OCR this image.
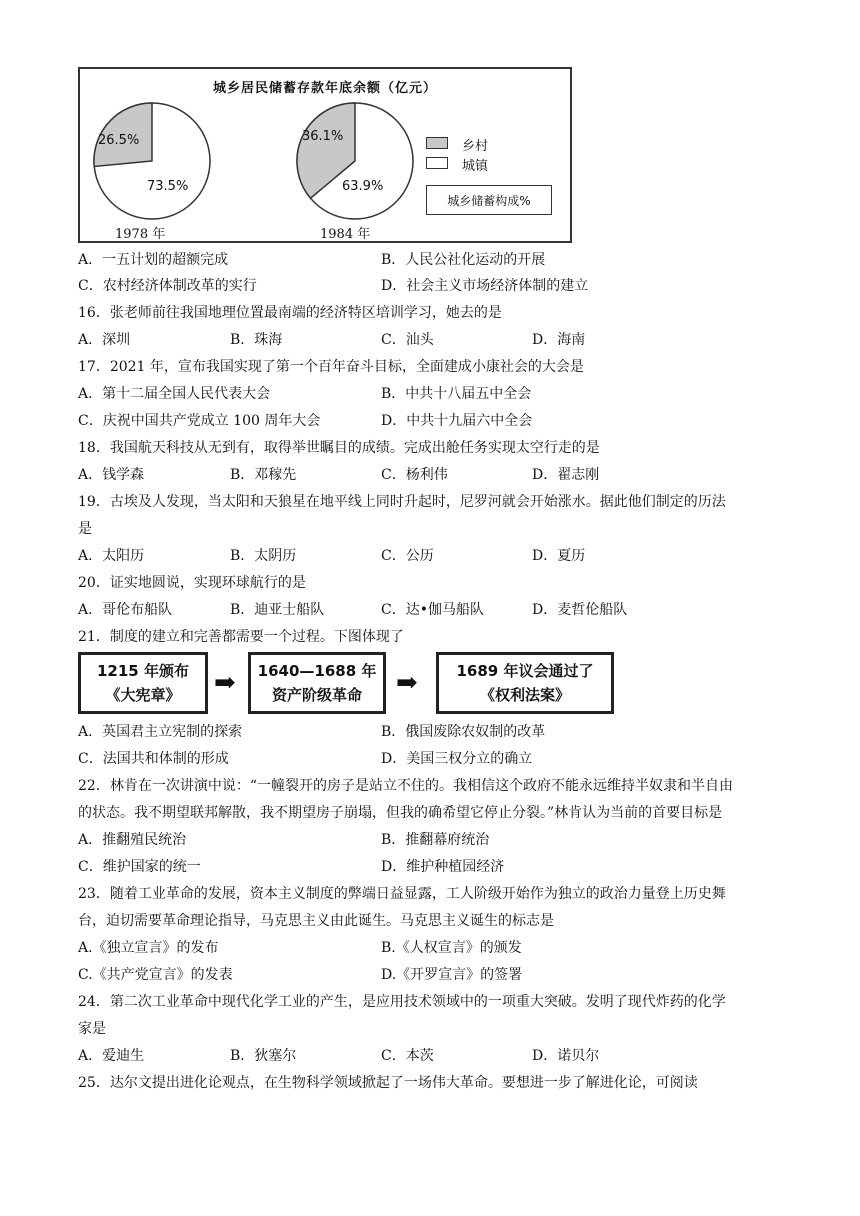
城乡居民储蓄存款年底余额（亿元）
73.5%
26.5%
63.9%
36.1%
1978 年	1984 年
乡村
城镇
城乡储蓄构成%
A．一五计划的超额完成	B．人民公社化运动的开展
C．农村经济体制改革的实行	D．社会主义市场经济体制的建立
16．张老师前往我国地理位置最南端的经济特区培训学习，她去的是
A．深圳	B．珠海	C．汕头	D．海南
17．2021 年，宣布我国实现了第一个百年奋斗目标，全面建成小康社会的大会是
A．第十二届全国人民代表大会	B．中共十八届五中全会
C．庆祝中国共产党成立 100 周年大会	D．中共十九届六中全会
18．我国航天科技从无到有，取得举世瞩目的成绩。完成出舱任务实现太空行走的是
A．钱学森	B．邓稼先	C．杨利伟	D．翟志刚
19．古埃及人发现，当太阳和天狼星在地平线上同时升起时，尼罗河就会开始涨水。据此他们制定的历法
是
A．太阳历	B．太阴历	C．公历	D．夏历
20．证实地圆说，实现环球航行的是
A．哥伦布船队	B．迪亚士船队	C．达•伽马船队	D．麦哲伦船队
21．制度的建立和完善都需要一个过程。下图体现了
1215 年颁布
《大宪章》	➡	1640—1688 年
资产阶级革命	➡	1689 年议会通过了
《权利法案》
A．英国君主立宪制的探索	B．俄国废除农奴制的改革
C．法国共和体制的形成	D．美国三权分立的确立
22．林肯在一次讲演中说：“一幢裂开的房子是站立不住的。我相信这个政府不能永远维持半奴隶和半自由
的状态。我不期望联邦解散，我不期望房子崩塌，但我的确希望它停止分裂。”林肯认为当前的首要目标是
A．推翻殖民统治	B．推翻幕府统治
C．维护国家的统一	D．维护种植园经济
23．随着工业革命的发展，资本主义制度的弊端日益显露，工人阶级开始作为独立的政治力量登上历史舞
台，迫切需要革命理论指导，马克思主义由此诞生。马克思主义诞生的标志是
A.《独立宣言》的发布	B.《人权宣言》的颁发
C.《共产党宣言》的发表	D.《开罗宣言》的签署
24．第二次工业革命中现代化学工业的产生，是应用技术领域中的一项重大突破。发明了现代炸药的化学
家是
A．爱迪生	B．狄塞尔	C．本茨	D．诺贝尔
25．达尔文提出进化论观点，在生物科学领域掀起了一场伟大革命。要想进一步了解进化论，可阅读
